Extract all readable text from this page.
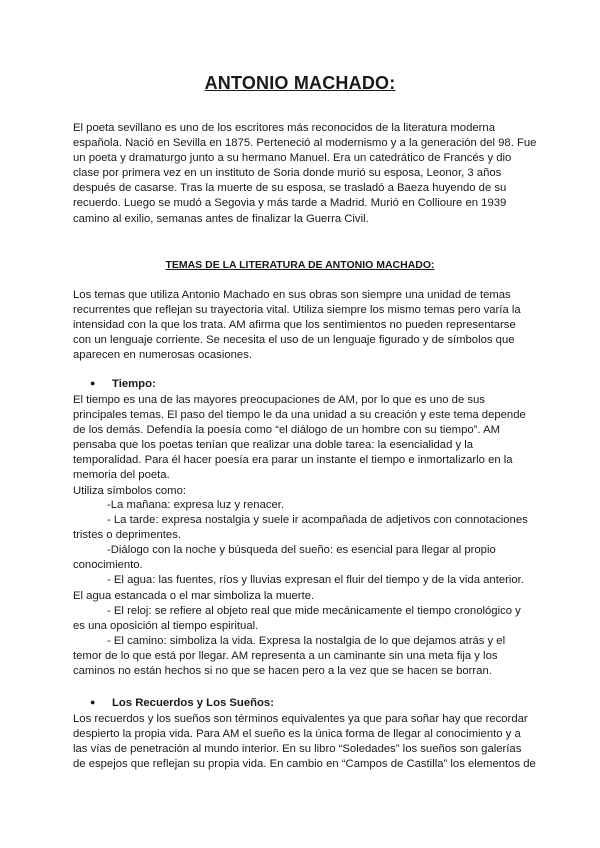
ANTONIO MACHADO:
El poeta sevillano es uno de los escritores más reconocidos de la literatura moderna
española. Nació en Sevilla en 1875. Perteneció al modernismo y a la generación del 98. Fue
un poeta y dramaturgo junto a su hermano Manuel. Era un catedrático de Francés y dio
clase por primera vez en un instituto de Soria donde murió su esposa, Leonor, 3 años
después de casarse. Tras la muerte de su esposa, se trasladó a Baeza huyendo de su
recuerdo. Luego se mudó a Segovia y más tarde a Madrid. Murió en Collioure en 1939
camino al exilio, semanas antes de finalizar la Guerra Civil.
TEMAS DE LA LITERATURA DE ANTONIO MACHADO:
Los temas que utiliza Antonio Machado en sus obras son siempre una unidad de temas
recurrentes que reflejan su trayectoria vital. Utiliza siempre los mismo temas pero varía la
intensidad con la que los trata. AM afirma que los sentimientos no pueden representarse
con un lenguaje corriente. Se necesita el uso de un lenguaje figurado y de símbolos que
aparecen en numerosas ocasiones.
● Tiempo:
El tiempo es una de las mayores preocupaciones de AM, por lo que es uno de sus
principales temas. El paso del tiempo le da una unidad a su creación y este tema depende
de los demás. Defendía la poesía como “el diálogo de un hombre con su tiempo”. AM
pensaba que los poetas tenían que realizar una doble tarea: la esencialidad y la
temporalidad. Para él hacer poesía era parar un instante el tiempo e inmortalizarlo en la
memoria del poeta.
Utiliza símbolos como:
-La mañana: expresa luz y renacer.
- La tarde: expresa nostalgia y suele ir acompañada de adjetivos con connotaciones
tristes o deprimentes.
-Diálogo con la noche y búsqueda del sueño: es esencial para llegar al propio
conocimiento.
- El agua: las fuentes, ríos y lluvias expresan el fluir del tiempo y de la vida anterior.
El agua estancada o el mar simboliza la muerte.
- El reloj: se refiere al objeto real que mide mecánicamente el tiempo cronológico y
es una oposición al tiempo espiritual.
- El camino: simboliza la vida. Expresa la nostalgia de lo que dejamos atrás y el
temor de lo que está por llegar. AM representa a un caminante sin una meta fija y los
caminos no están hechos si no que se hacen pero a la vez que se hacen se borran.
● Los Recuerdos y Los Sueños:
Los recuerdos y los sueños son términos equivalentes ya que para soñar hay que recordar
despierto la propia vida. Para AM el sueño es la única forma de llegar al conocimiento y a
las vías de penetración al mundo interior. En su libro “Soledades” los sueños son galerías
de espejos que reflejan su propia vida. En cambio en “Campos de Castilla” los elementos de
